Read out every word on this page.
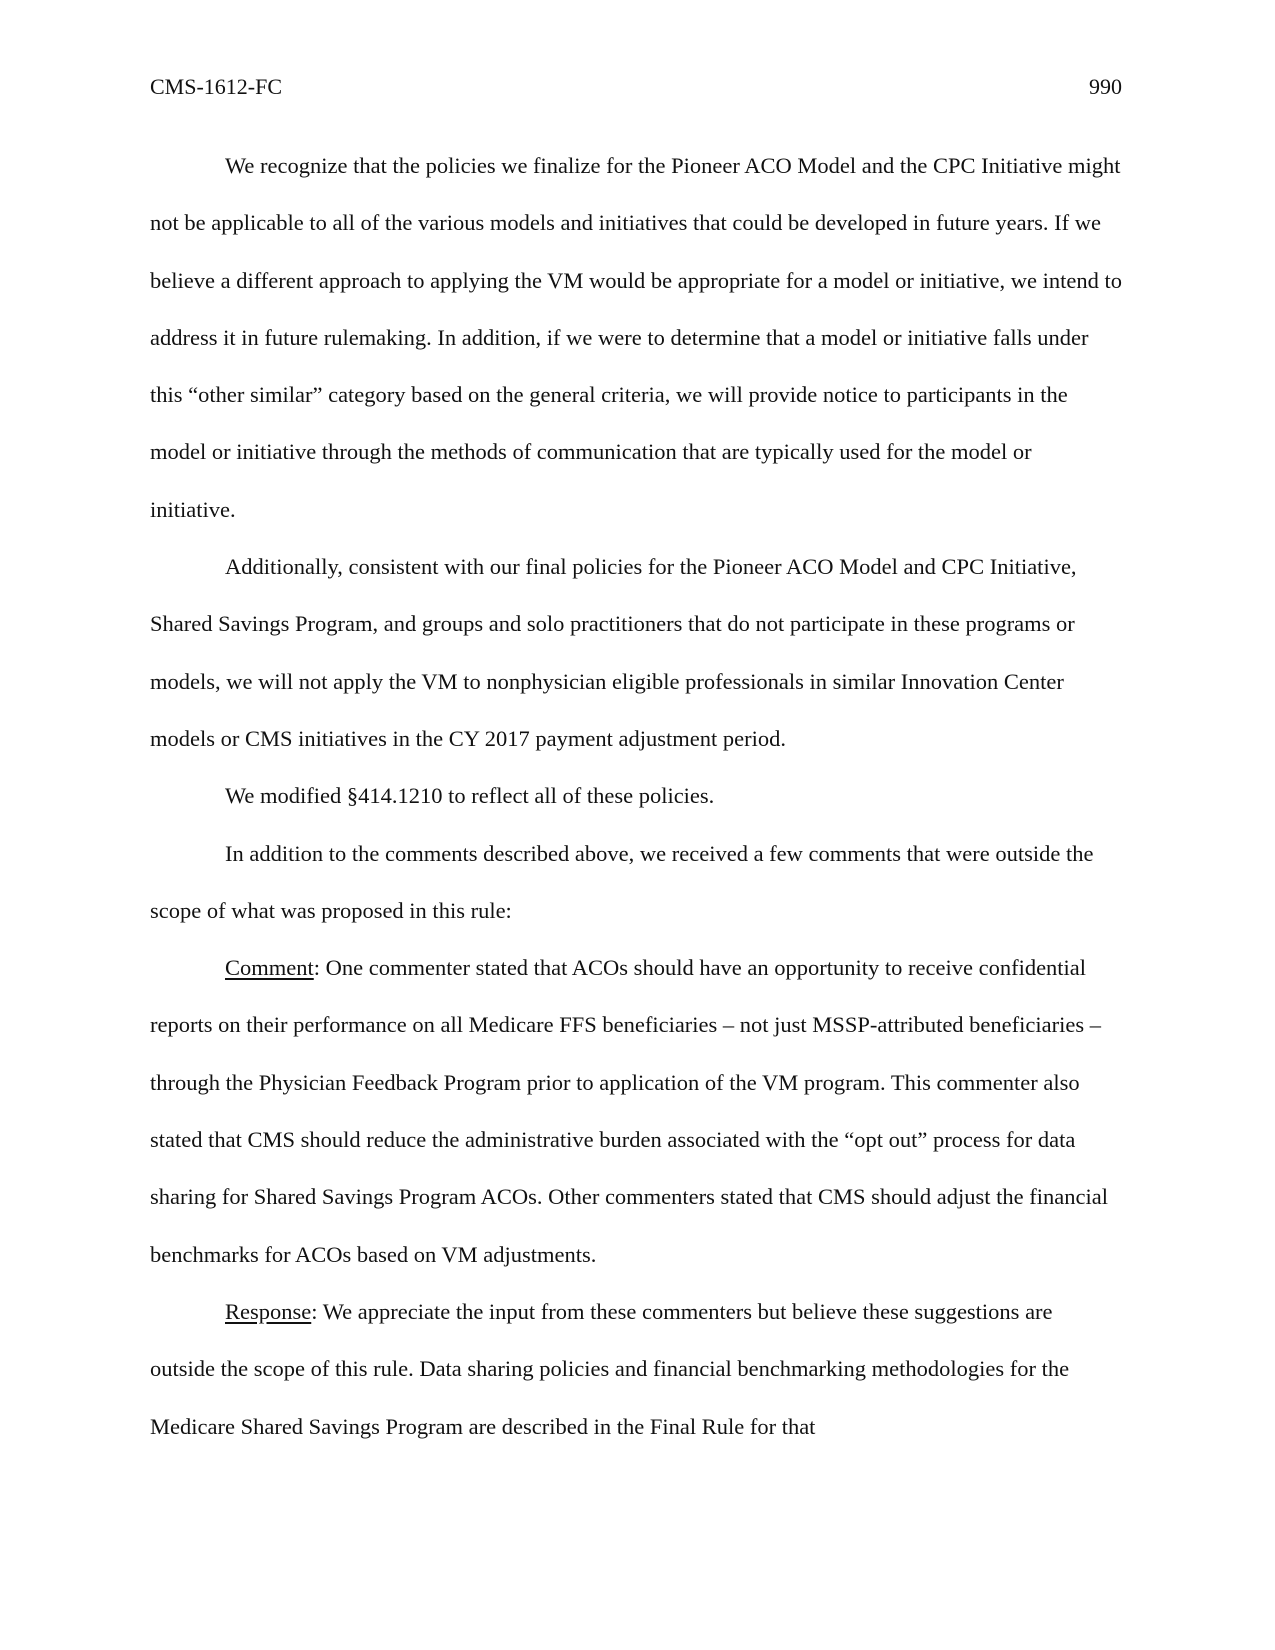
CMS-1612-FC	990

We recognize that the policies we finalize for the Pioneer ACO Model and the CPC Initiative might not be applicable to all of the various models and initiatives that could be developed in future years. If we believe a different approach to applying the VM would be appropriate for a model or initiative, we intend to address it in future rulemaking. In addition, if we were to determine that a model or initiative falls under this “other similar” category based on the general criteria, we will provide notice to participants in the model or initiative through the methods of communication that are typically used for the model or initiative.

Additionally, consistent with our final policies for the Pioneer ACO Model and CPC Initiative, Shared Savings Program, and groups and solo practitioners that do not participate in these programs or models, we will not apply the VM to nonphysician eligible professionals in similar Innovation Center models or CMS initiatives in the CY 2017 payment adjustment period.

We modified §414.1210 to reflect all of these policies.

In addition to the comments described above, we received a few comments that were outside the scope of what was proposed in this rule:

Comment: One commenter stated that ACOs should have an opportunity to receive confidential reports on their performance on all Medicare FFS beneficiaries – not just MSSP-attributed beneficiaries – through the Physician Feedback Program prior to application of the VM program. This commenter also stated that CMS should reduce the administrative burden associated with the “opt out” process for data sharing for Shared Savings Program ACOs. Other commenters stated that CMS should adjust the financial benchmarks for ACOs based on VM adjustments.

Response: We appreciate the input from these commenters but believe these suggestions are outside the scope of this rule. Data sharing policies and financial benchmarking methodologies for the Medicare Shared Savings Program are described in the Final Rule for that
